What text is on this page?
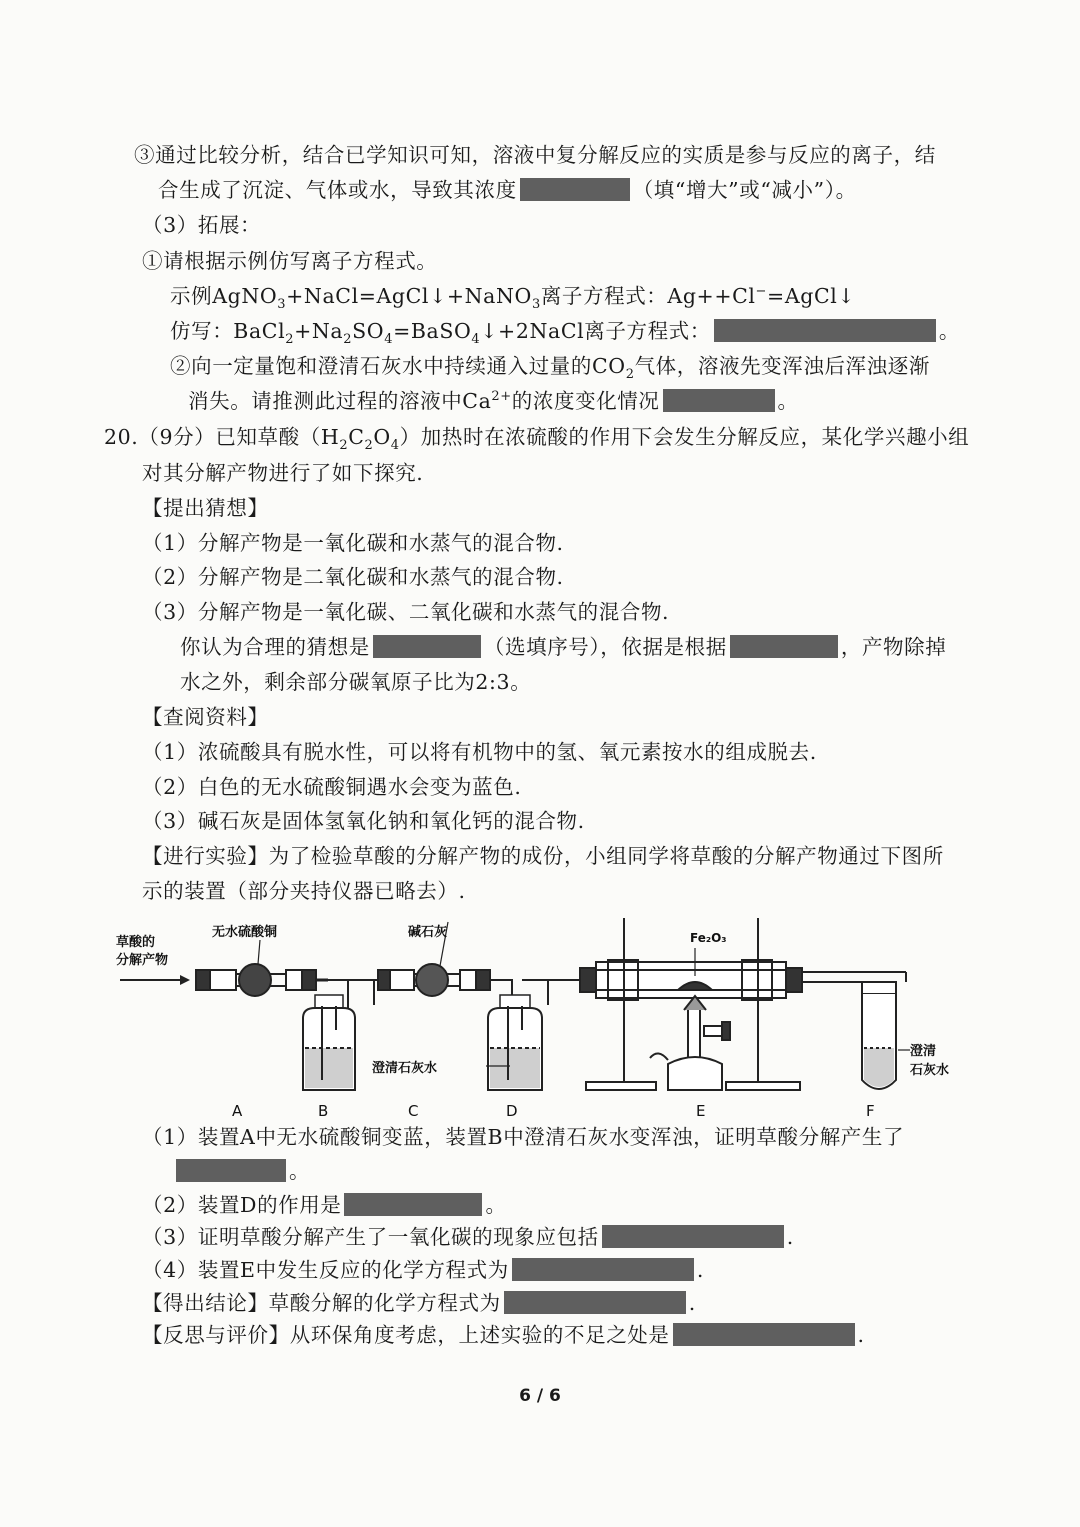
③通过比较分析，结合已学知识可知，溶液中复分解反应的实质是参与反应的离子，结
合生成了沉淀、气体或水，导致其浓度	（填“增大”或“减小”）。
（3）拓展：
①请根据示例仿写离子方程式。
示例AgNO$_3$+NaCl=AgCl↓+NaNO$_3$离子方程式：Ag++Cl−=AgCl↓
仿写：$BaCl_2+Na_2SO_4=BaSO_4↓+2NaCl$离子方程式：	。
②向一定量饱和澄清石灰水中持续通入过量的$CO_2$气体，溶液先变浑浊后浑浊逐渐
消失。请推测此过程的溶液中$Ca^{2+}$的浓度变化情况	。
20.（9分）已知草酸$(H_2C_2O_4)$加热时在浓硫酸的作用下会发生分解反应，某化学兴趣小组
对其分解产物进行了如下探究.
【提出猜想】
（1）分解产物是一氧化碳和水蒸气的混合物.
（2）分解产物是二氧化碳和水蒸气的混合物.
（3）分解产物是一氧化碳、二氧化碳和水蒸气的混合物.
你认为合理的猜想是	（选填序号），依据是根据	，产物除掉
水之外，剩余部分碳氧原子比为2:3。
【查阅资料】
（1）浓硫酸具有脱水性，可以将有机物中的氢、氧元素按水的组成脱去.
（2）白色的无水硫酸铜遇水会变为蓝色.
（3）碱石灰是固体氢氧化钠和氧化钙的混合物.
【进行实验】为了检验草酸的分解产物的成份，小组同学将草酸的分解产物通过下图所
示的装置（部分夹持仪器已略去）.
草酸的
分解产物
无水硫酸铜	碱石灰	Fe₂O₃
澄清石灰水
澄清
石灰水
A	B	C	D	E	F
（1）装置A中无水硫酸铜变蓝，装置B中澄清石灰水变浑浊，证明草酸分解产生了
。
（2）装置D的作用是	。
（3）证明草酸分解产生了一氧化碳的现象应包括	.
（4）装置E中发生反应的化学方程式为	.
【得出结论】草酸分解的化学方程式为	.
【反思与评价】从环保角度考虑，上述实验的不足之处是	.
6 / 6
